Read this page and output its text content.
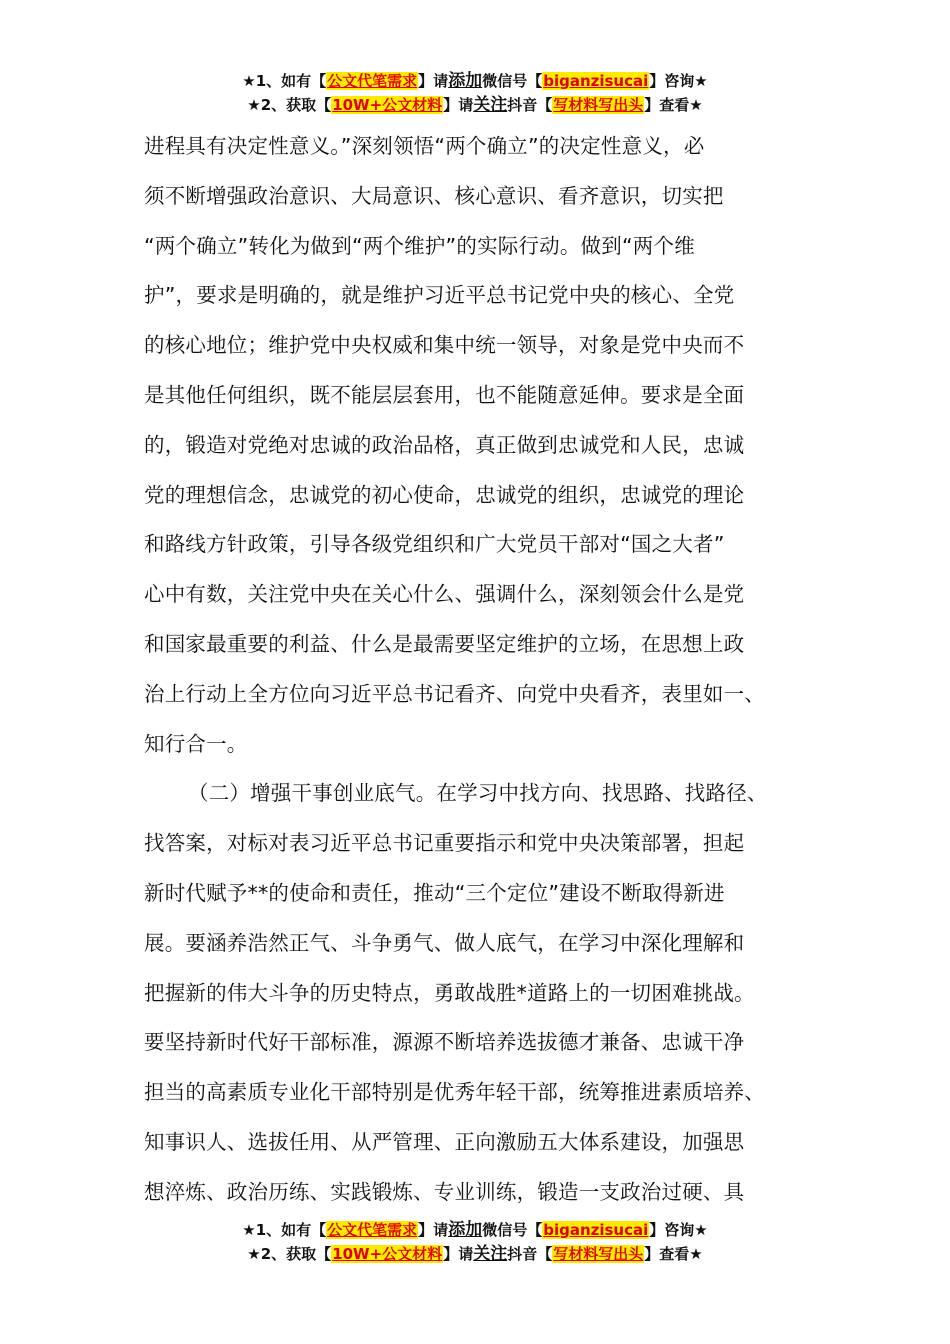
★1、如有【公文代笔需求】请添加微信号【biganzisucai】咨询★
★2、获取【10W+公文材料】请关注抖音【写材料写出头】查看★
进程具有决定性意义。”深刻领悟“两个确立”的决定性意义，必
须不断增强政治意识、大局意识、核心意识、看齐意识，切实把
“两个确立”转化为做到“两个维护”的实际行动。做到“两个维
护”，要求是明确的，就是维护习近平总书记党中央的核心、全党
的核心地位；维护党中央权威和集中统一领导，对象是党中央而不
是其他任何组织，既不能层层套用，也不能随意延伸。要求是全面
的，锻造对党绝对忠诚的政治品格，真正做到忠诚党和人民，忠诚
党的理想信念，忠诚党的初心使命，忠诚党的组织，忠诚党的理论
和路线方针政策，引导各级党组织和广大党员干部对“国之大者”
心中有数，关注党中央在关心什么、强调什么，深刻领会什么是党
和国家最重要的利益、什么是最需要坚定维护的立场，在思想上政
治上行动上全方位向习近平总书记看齐、向党中央看齐，表里如一、
知行合一。
（二）增强干事创业底气。在学习中找方向、找思路、找路径、
找答案，对标对表习近平总书记重要指示和党中央决策部署，担起
新时代赋予**的使命和责任，推动“三个定位”建设不断取得新进
展。要涵养浩然正气、斗争勇气、做人底气，在学习中深化理解和
把握新的伟大斗争的历史特点，勇敢战胜*道路上的一切困难挑战。
要坚持新时代好干部标准，源源不断培养选拔德才兼备、忠诚干净
担当的高素质专业化干部特别是优秀年轻干部，统筹推进素质培养、
知事识人、选拔任用、从严管理、正向激励五大体系建设，加强思
想淬炼、政治历练、实践锻炼、专业训练，锻造一支政治过硬、具
★1、如有【公文代笔需求】请添加微信号【biganzisucai】咨询★
★2、获取【10W+公文材料】请关注抖音【写材料写出头】查看★
